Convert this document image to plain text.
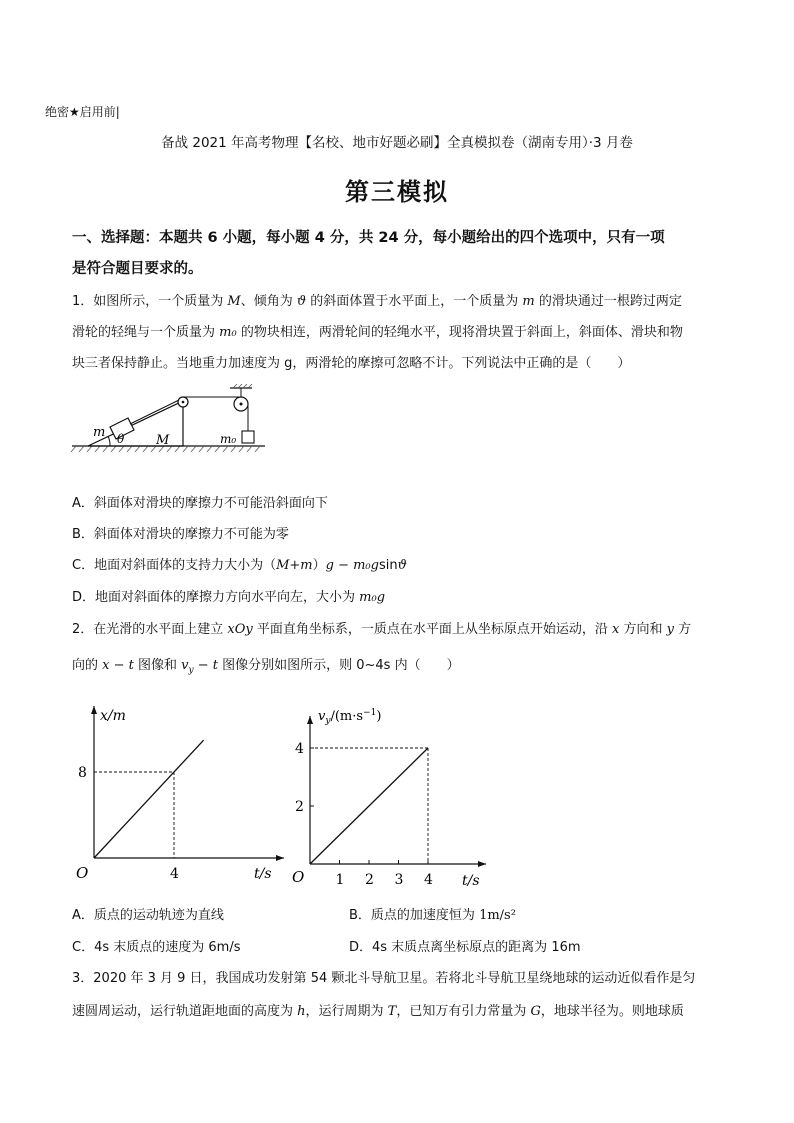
绝密★启用前|
备战 2021 年高考物理【名校、地市好题必刷】全真模拟卷（湖南专用）·3 月卷
第三模拟
一、选择题：本题共 6 小题，每小题 4 分，共 24 分，每小题给出的四个选项中，只有一项
是符合题目要求的。
1．如图所示，一个质量为 M、倾角为 ϑ 的斜面体置于水平面上，一个质量为 m 的滑块通过一根跨过两定
滑轮的轻绳与一个质量为 m₀ 的物块相连，两滑轮间的轻绳水平，现将滑块置于斜面上，斜面体、滑块和物
块三者保持静止。当地重力加速度为 g，两滑轮的摩擦可忽略不计。下列说法中正确的是（　　）
m
M
θ	m₀
A．斜面体对滑块的摩擦力不可能沿斜面向下
B．斜面体对滑块的摩擦力不可能为零
C．地面对斜面体的支持力大小为（M+m）g − m₀gsinϑ
D．地面对斜面体的摩擦力方向水平向左，大小为 m₀g
2．在光滑的水平面上建立 xOy 平面直角坐标系，一质点在水平面上从坐标原点开始运动，沿 x 方向和 y 方
向的 x − t 图像和 $v_y - t$ 图像分别如图所示，则 0~4s 内（　　）
x/m
t/s
O
8
4	1 2 3 4
4
2
$v_y/(m\cdot s^{-1})$
t/s
O
A．质点的运动轨迹为直线	B．质点的加速度恒为 1m/s²
C．4s 末质点的速度为 6m/s	D．4s 末质点离坐标原点的距离为 16m
3．2020 年 3 月 9 日，我国成功发射第 54 颗北斗导航卫星。若将北斗导航卫星绕地球的运动近似看作是匀
速圆周运动，运行轨道距地面的高度为 h，运行周期为 T，已知万有引力常量为 G，地球半径为。则地球质
